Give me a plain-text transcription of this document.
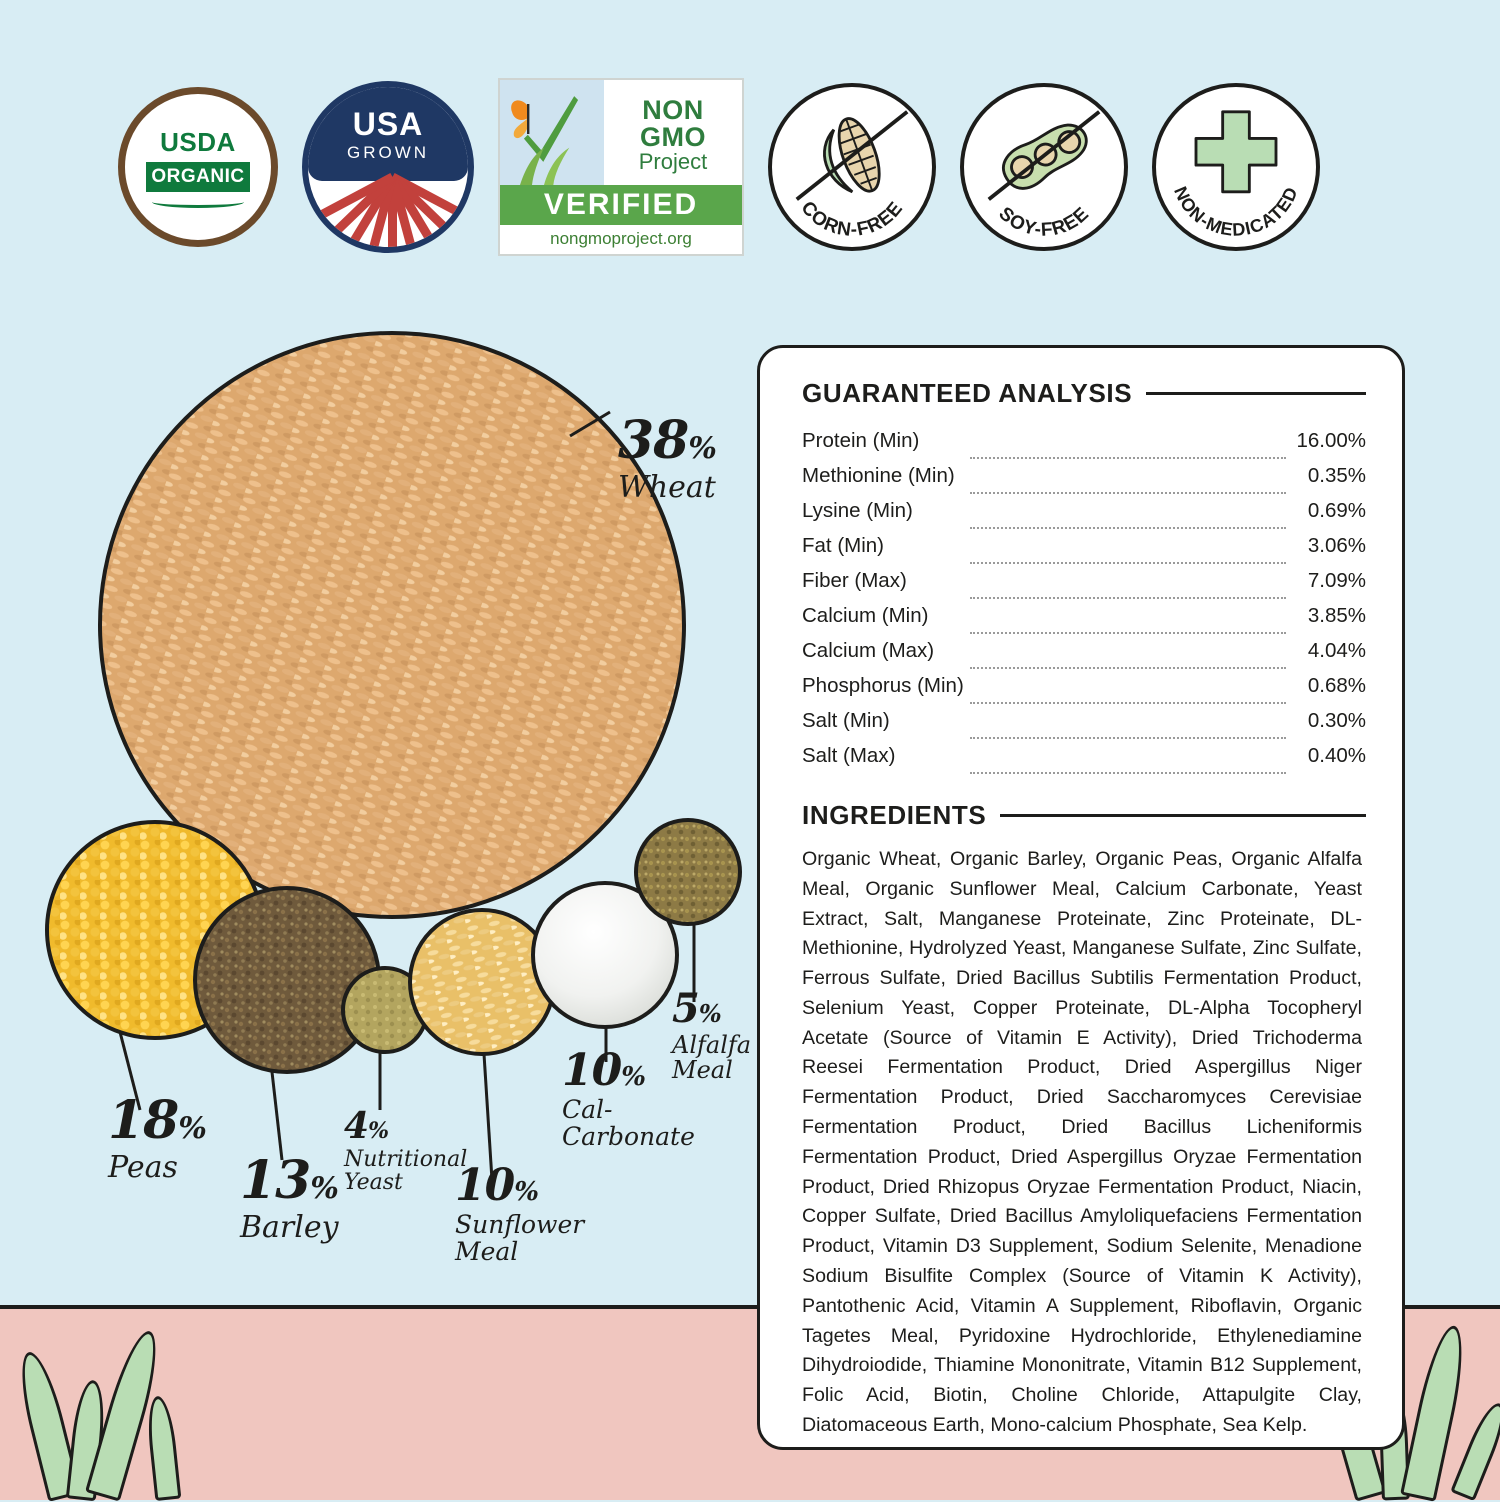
USDA
ORGANIC
USA
GROWN
NON
GMO
Project
VERIFIED
nongmoproject.org
CORN-FREE	SOY-FREE
NON-MEDICATED
38%
Wheat
18%
Peas	13%
Barley
4%
Nutritional
Yeast	10%
Sunflower
Meal
10%
Cal-
Carbonate
5%
Alfalfa
Meal
GUARANTEED ANALYSIS
Protein (Min)		16.00%
Methionine (Min)		0.35%
Lysine (Min)		0.69%
Fat (Min)		3.06%
Fiber (Max)		7.09%
Calcium (Min)		3.85%
Calcium (Max)		4.04%
Phosphorus (Min)		0.68%
Salt (Min)		0.30%
Salt (Max)		0.40%
INGREDIENTS
Organic Wheat, Organic Barley, Organic Peas, Organic Alfalfa Meal, Organic Sunflower Meal, Calcium Carbonate, Yeast Extract, Salt, Manganese Proteinate, Zinc Proteinate, DL-Methionine, Hydrolyzed Yeast, Manganese Sulfate, Zinc Sulfate, Ferrous Sulfate, Dried Bacillus Subtilis Fermentation Product, Selenium Yeast, Copper Proteinate, DL-Alpha Tocopheryl Acetate (Source of Vitamin E Activity), Dried Trichoderma Reesei Fermentation Product, Dried Aspergillus Niger Fermentation Product, Dried Saccharomyces Cerevisiae Fermentation Product, Dried Bacillus Licheniformis Fermentation Product, Dried Aspergillus Oryzae Fermentation Product, Dried Rhizopus Oryzae Fermentation Product, Niacin, Copper Sulfate, Dried Bacillus Amyloliquefaciens Fermentation Product, Vitamin D3 Supplement, Sodium Selenite, Menadione Sodium Bisulfite Complex (Source of Vitamin K Activity), Pantothenic Acid, Vitamin A Supplement, Riboflavin, Organic Tagetes Meal, Pyridoxine Hydrochloride, Ethylenediamine Dihydroiodide, Thiamine Mononitrate, Vitamin B12 Supplement, Folic Acid, Biotin, Choline Chloride, Attapulgite Clay, Diatomaceous Earth, Mono-calcium Phosphate, Sea Kelp.
